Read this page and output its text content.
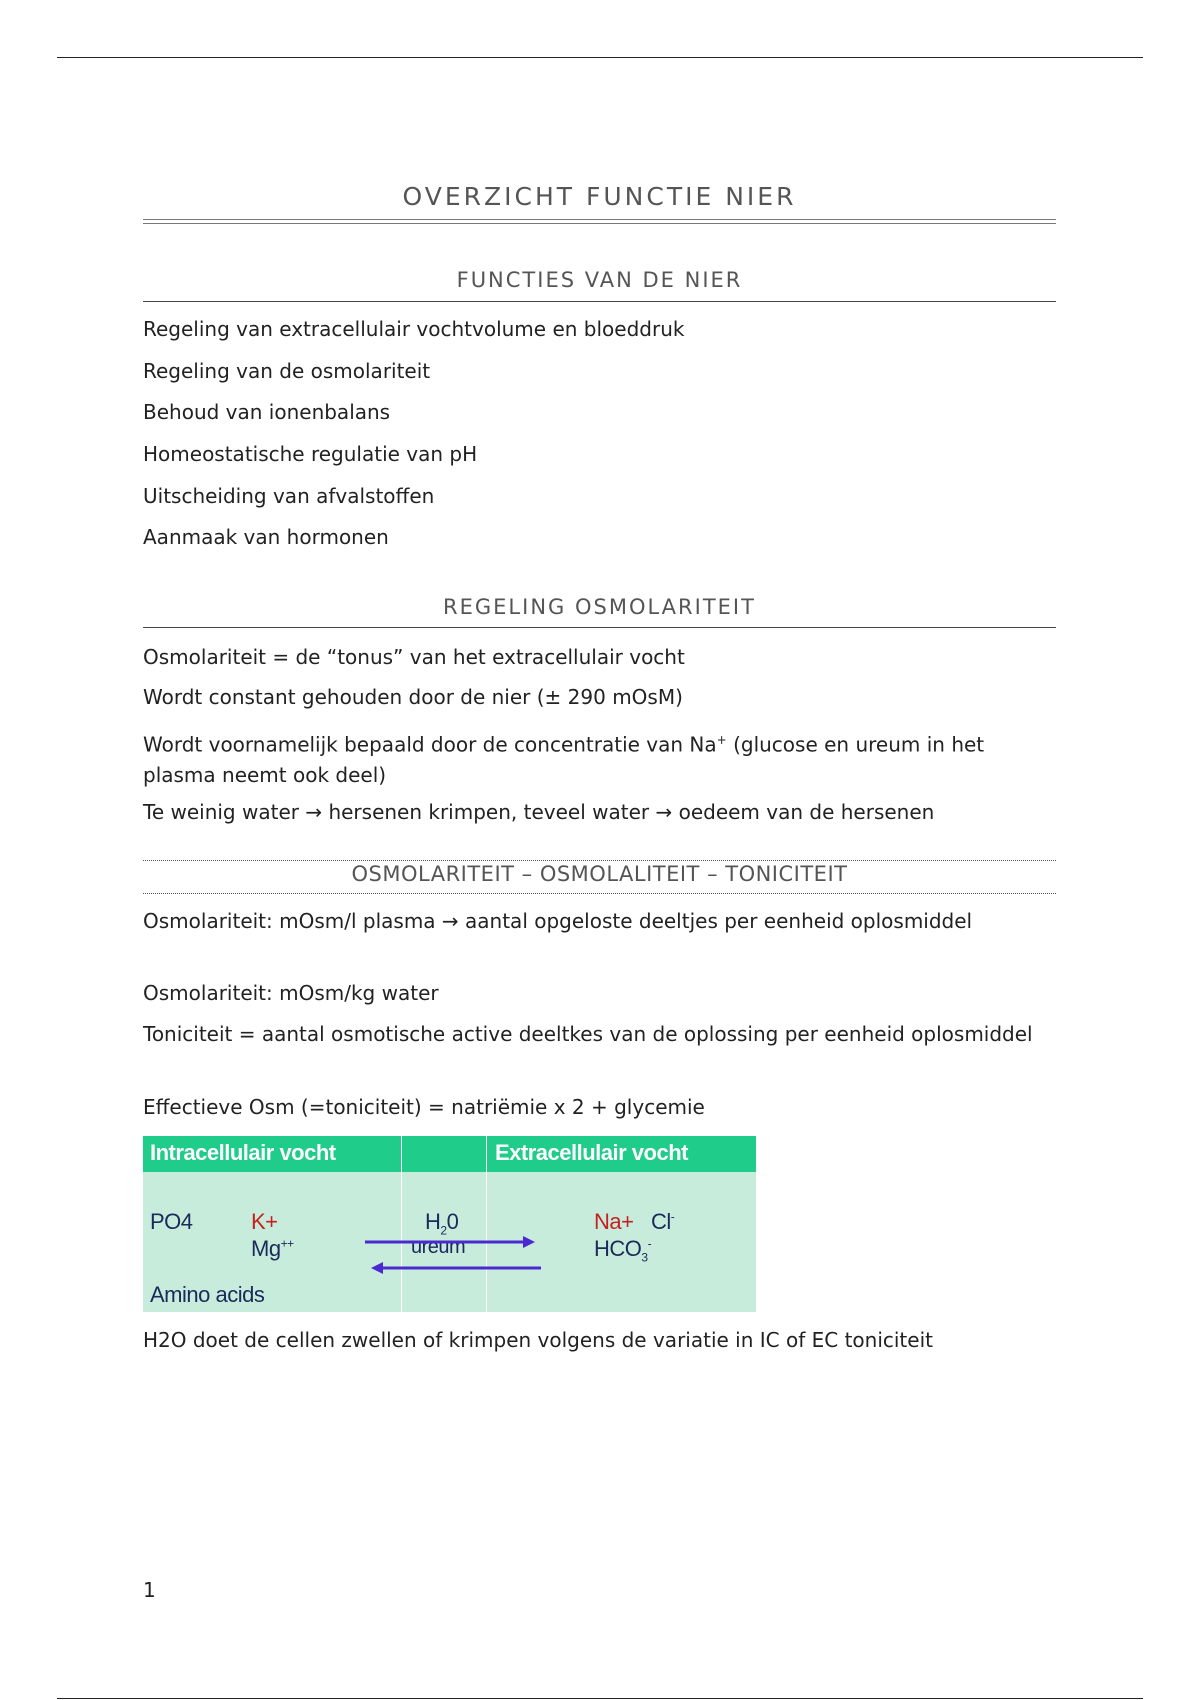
OVERZICHT FUNCTIE NIER
FUNCTIES VAN DE NIER
Regeling van extracellulair vochtvolume en bloeddruk
Regeling van de osmolariteit
Behoud van ionenbalans
Homeostatische regulatie van pH
Uitscheiding van afvalstoffen
Aanmaak van hormonen
REGELING OSMOLARITEIT
Osmolariteit = de “tonus” van het extracellulair vocht
Wordt constant gehouden door de nier (± 290 mOsM)
Wordt voornamelijk bepaald door de concentratie van Na+ (glucose en ureum in het plasma neemt ook deel)
Te weinig water → hersenen krimpen, teveel water → oedeem van de hersenen
OSMOLARITEIT – OSMOLALITEIT – TONICITEIT
Osmolariteit: mOsm/l plasma → aantal opgeloste deeltjes per eenheid oplosmiddel
Osmolariteit: mOsm/kg water
Toniciteit = aantal osmotische active deeltkes van de oplossing per eenheid oplosmiddel
Effectieve Osm (=toniciteit) = natriëmie x 2 + glycemie
Intracellulair vocht	Extracellulair vocht
PO4	K+
Mg++
$H_20$
ureum
Na+ Cl-
$HCO_3^-$
Amino acids
H2O doet de cellen zwellen of krimpen volgens de variatie in IC of EC toniciteit
1
